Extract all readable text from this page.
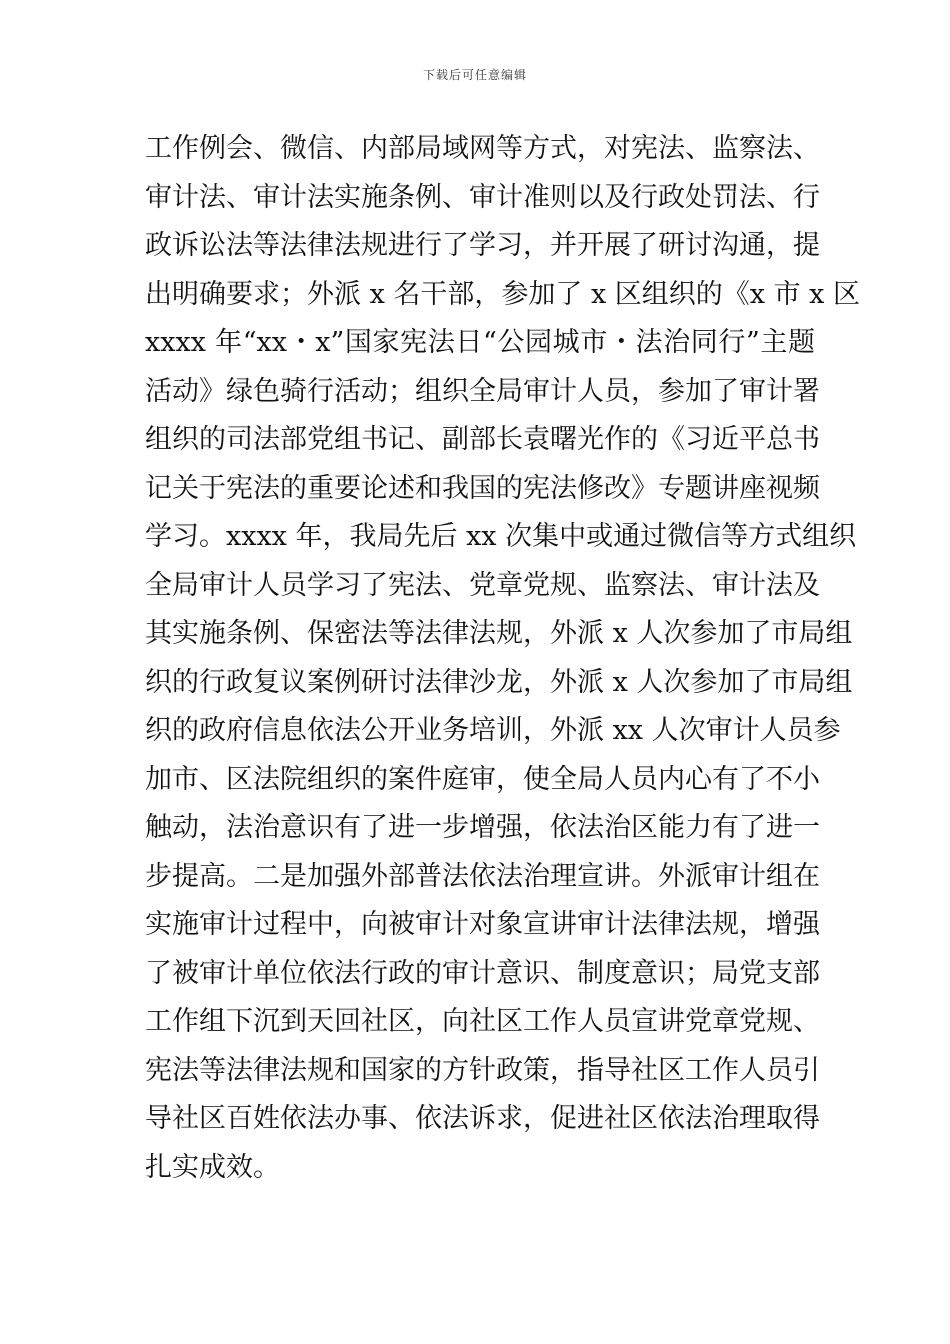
下载后可任意编辑
工作例会、微信、内部局域网等方式，对宪法、监察法、
审计法、审计法实施条例、审计准则以及行政处罚法、行
政诉讼法等法律法规进行了学习，并开展了研讨沟通，提
出明确要求；外派 x 名干部，参加了 x 区组织的《x 市 x 区
xxxx 年“xx・x”国家宪法日“公园城市・法治同行”主题
活动》绿色骑行活动；组织全局审计人员，参加了审计署
组织的司法部党组书记、副部长袁曙光作的《习近平总书
记关于宪法的重要论述和我国的宪法修改》专题讲座视频
学习。xxxx 年，我局先后 xx 次集中或通过微信等方式组织
全局审计人员学习了宪法、党章党规、监察法、审计法及
其实施条例、保密法等法律法规，外派 x 人次参加了市局组
织的行政复议案例研讨法律沙龙，外派 x 人次参加了市局组
织的政府信息依法公开业务培训，外派 xx 人次审计人员参
加市、区法院组织的案件庭审，使全局人员内心有了不小
触动，法治意识有了进一步增强，依法治区能力有了进一
步提高。二是加强外部普法依法治理宣讲。外派审计组在
实施审计过程中，向被审计对象宣讲审计法律法规，增强
了被审计单位依法行政的审计意识、制度意识；局党支部
工作组下沉到天回社区，向社区工作人员宣讲党章党规、
宪法等法律法规和国家的方针政策，指导社区工作人员引
导社区百姓依法办事、依法诉求，促进社区依法治理取得
扎实成效。
